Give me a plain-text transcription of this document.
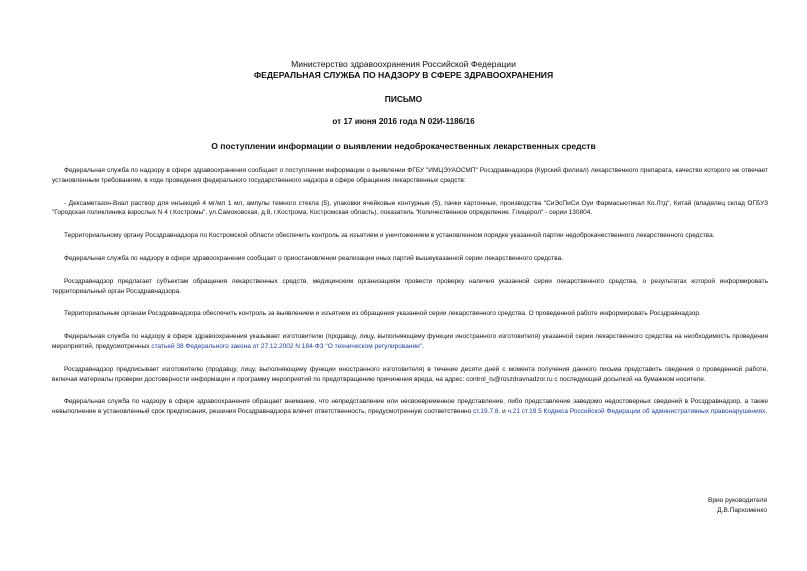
Министерство здравоохранения Российской Федерации
ФЕДЕРАЛЬНАЯ СЛУЖБА ПО НАДЗОРУ В СФЕРЕ ЗДРАВООХРАНЕНИЯ
ПИСЬМО
от 17 июня 2016 года N 02И-1186/16
О поступлении информации о выявлении недоброкачественных лекарственных средств

Федеральная служба по надзору в сфере здравоохранения сообщает о поступлении информации о выявлении ФГБУ "ИМЦЭУАОСМП" Росздравнадзора (Курский филиал) лекарственного препарата, качество которого не отвечает установленным требованиям, в ходе проведения федерального государственного надзора в сфере обращения лекарственных средств:

- Дексаметазон-Виал раствор для инъекций 4 мг/мл 1 мл, ампулы темного стекла (5), упаковки ячейковые контурные (5), пачки картонные, производства "СиЭсПиСи Оуи Фармасьютикал Ко.Лтд", Китай (владелец склад ОГБУЗ "Городская поликлиника взрослых N 4 г.Костромы", ул.Самоковская, д.8, г.Кострома, Костромская область), показатель "Количественное определение. Глицерол" - серии 130804.

Территориальному органу Росздравнадзора по Костромской области обеспечить контроль за изъятием и уничтожением в установленном порядке указанной партии недоброкачественного лекарственного средства.

Федеральная служба по надзору в сфере здравоохранения сообщает о приостановлении реализации иных партий вышеуказанной серии лекарственного средства.

Росздравнадзор предлагает субъектам обращения лекарственных средств, медицинским организациям провести проверку наличия указанной серии лекарственного средства, о результатах которой информировать территориальный орган Росздравнадзора.

Территориальным органам Росздравнадзора обеспечить контроль за выявлением и изъятием из обращения указанной серии лекарственного средства. О проведенной работе информировать Росздравнадзор.

Федеральная служба по надзору в сфере здравоохранения указывает изготовителю (продавцу, лицу, выполняющему функции иностранного изготовителя) указанной серии лекарственного средства на необходимость проведения мероприятий, предусмотренных статьей 38 Федерального закона от 27.12.2002 N 184-ФЗ "О техническом регулировании".

Росздравнадзор предписывает изготовителю (продавцу, лицу, выполняющему функции иностранного изготовителя) в течение десяти дней с момента получения данного письма представить сведения о проведенной работе, включая материалы проверки достоверности информации и программу мероприятий по предотвращению причинения вреда, на адрес: control_ls@roszdravnadzor.ru с последующей досылкой на бумажном носителе.

Федеральная служба по надзору в сфере здравоохранения обращает внимание, что непредставление или несвоевременное представление, либо представление заведомо недостоверных сведений в Росздравнадзор, а также невыполнение в установленный срок предписания, решения Росздравнадзора влечет ответственность, предусмотренную соответственно ст.19.7.8. и ч.21 ст.19.5 Кодекса Российской Федерации об административных правонарушениях.

Врио руководителя
Д.В.Пархоменко
